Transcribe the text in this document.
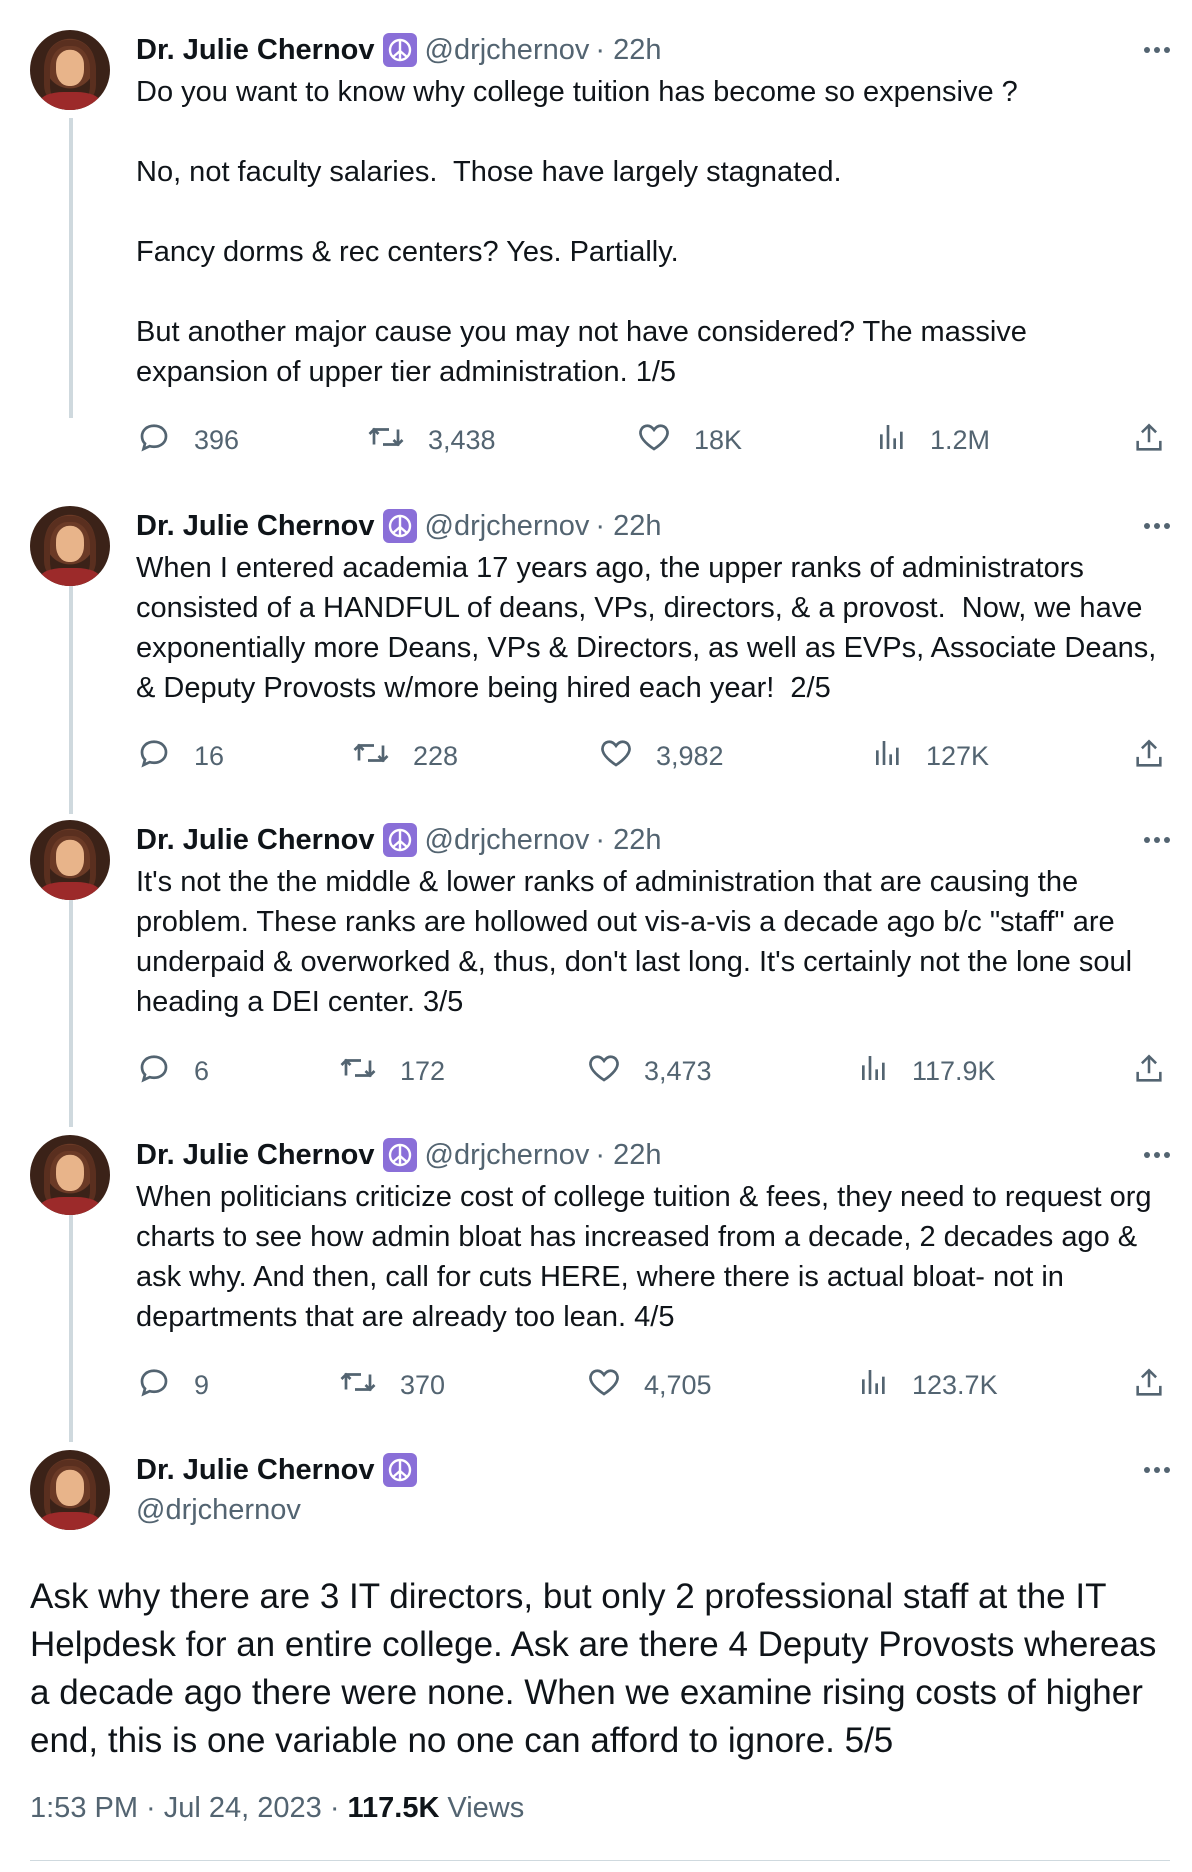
Dr. Julie Chernov @drjchernov · 22h
Do you want to know why college tuition has become so expensive ?

No, not faculty salaries.  Those have largely stagnated.

Fancy dorms & rec centers? Yes. Partially.

But another major cause you may not have considered? The massive expansion of upper tier administration. 1/5
396	3,438	18K	1.2M
Dr. Julie Chernov @drjchernov · 22h
When I entered academia 17 years ago, the upper ranks of administrators consisted of a HANDFUL of deans, VPs, directors, & a provost.  Now, we have exponentially more Deans, VPs & Directors, as well as EVPs, Associate Deans, & Deputy Provosts w/more being hired each year!  2/5
16	228	3,982	127K
Dr. Julie Chernov @drjchernov · 22h
It's not the the middle & lower ranks of administration that are causing the problem. These ranks are hollowed out vis-a-vis a decade ago b/c "staff" are underpaid & overworked &, thus, don't last long. It's certainly not the lone soul heading a DEI center. 3/5
6	172	3,473	117.9K
Dr. Julie Chernov @drjchernov · 22h
When politicians criticize cost of college tuition & fees, they need to request org charts to see how admin bloat has increased from a decade, 2 decades ago & ask why. And then, call for cuts HERE, where there is actual bloat- not in departments that are already too lean. 4/5
9	370	4,705	123.7K
Dr. Julie Chernov
@drjchernov
Ask why there are 3 IT directors, but only 2 professional staff at the IT Helpdesk for an entire college. Ask are there 4 Deputy Provosts whereas a decade ago there were none. When we examine rising costs of higher end, this is one variable no one can afford to ignore. 5/5
1:53 PM · Jul 24, 2023 · 117.5K Views
